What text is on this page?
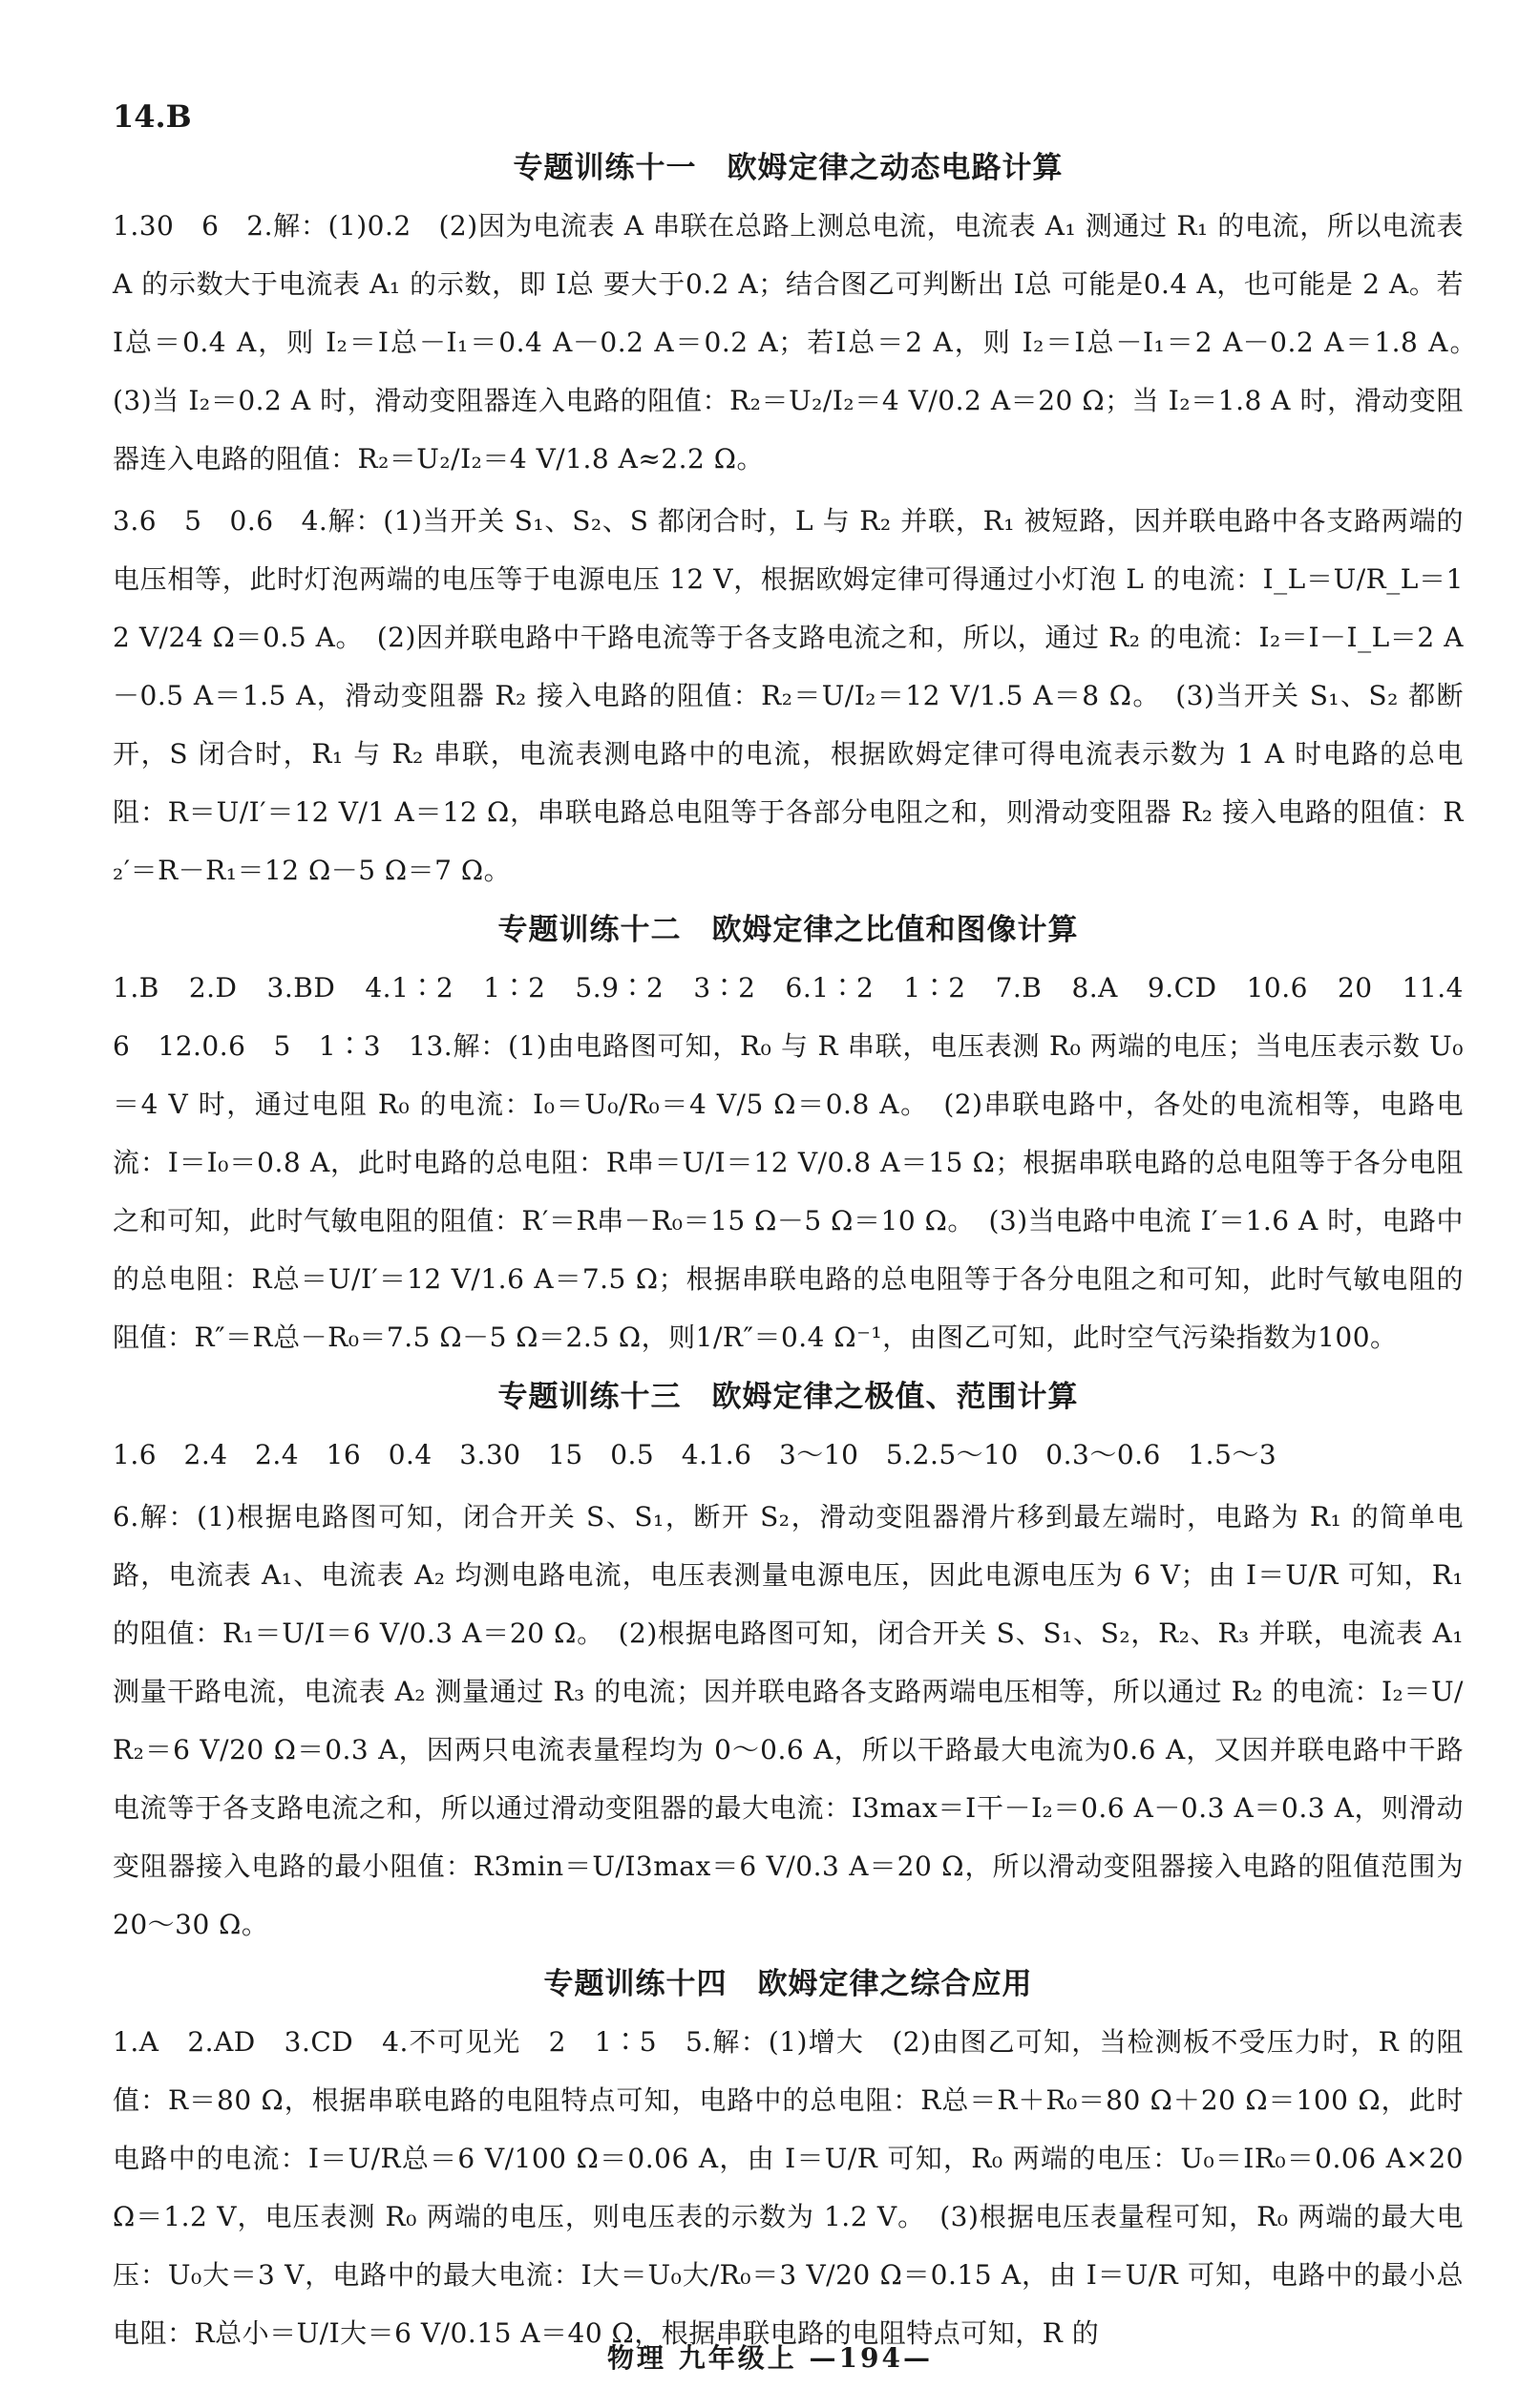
14.B
专题训练十一　欧姆定律之动态电路计算

1.30　6　2.解：(1)0.2　(2)因为电流表 A 串联在总路上测总电流，电流表 A₁ 测通过 R₁ 的电流，所以电流表 A 的示数大于电流表 A₁ 的示数，即 I总 要大于0.2 A；结合图乙可判断出 I总 可能是0.4 A，也可能是 2 A。若I总＝0.4 A，则 I₂＝I总－I₁＝0.4 A－0.2 A＝0.2 A；若I总＝2 A，则 I₂＝I总－I₁＝2 A－0.2 A＝1.8 A。　(3)当 I₂＝0.2 A 时，滑动变阻器连入电路的阻值：R₂＝U₂/I₂＝4 V/0.2 A＝20 Ω；当 I₂＝1.8 A 时，滑动变阻器连入电路的阻值：R₂＝U₂/I₂＝4 V/1.8 A≈2.2 Ω。

3.6　5　0.6　4.解：(1)当开关 S₁、S₂、S 都闭合时，L 与 R₂ 并联，R₁ 被短路，因并联电路中各支路两端的电压相等，此时灯泡两端的电压等于电源电压 12 V，根据欧姆定律可得通过小灯泡 L 的电流：I_L＝U/R_L＝12 V/24 Ω＝0.5 A。　(2)因并联电路中干路电流等于各支路电流之和，所以，通过 R₂ 的电流：I₂＝I－I_L＝2 A－0.5 A＝1.5 A，滑动变阻器 R₂ 接入电路的阻值：R₂＝U/I₂＝12 V/1.5 A＝8 Ω。　(3)当开关 S₁、S₂ 都断开，S 闭合时，R₁ 与 R₂ 串联，电流表测电路中的电流，根据欧姆定律可得电流表示数为 1 A 时电路的总电阻：R＝U/I′＝12 V/1 A＝12 Ω，串联电路总电阻等于各部分电阻之和，则滑动变阻器 R₂ 接入电路的阻值：R₂′＝R－R₁＝12 Ω－5 Ω＝7 Ω。

专题训练十二　欧姆定律之比值和图像计算

1.B　2.D　3.BD　4.1∶2　1∶2　5.9∶2　3∶2　6.1∶2　1∶2　7.B　8.A　9.CD　10.6　20　11.4　6　12.0.6　5　1∶3　13.解：(1)由电路图可知，R₀ 与 R 串联，电压表测 R₀ 两端的电压；当电压表示数 U₀＝4 V 时，通过电阻 R₀ 的电流：I₀＝U₀/R₀＝4 V/5 Ω＝0.8 A。　(2)串联电路中，各处的电流相等，电路电流：I＝I₀＝0.8 A，此时电路的总电阻：R串＝U/I＝12 V/0.8 A＝15 Ω；根据串联电路的总电阻等于各分电阻之和可知，此时气敏电阻的阻值：R′＝R串－R₀＝15 Ω－5 Ω＝10 Ω。　(3)当电路中电流 I′＝1.6 A 时，电路中的总电阻：R总＝U/I′＝12 V/1.6 A＝7.5 Ω；根据串联电路的总电阻等于各分电阻之和可知，此时气敏电阻的阻值：R″＝R总－R₀＝7.5 Ω－5 Ω＝2.5 Ω，则1/R″＝0.4 Ω⁻¹，由图乙可知，此时空气污染指数为100。

专题训练十三　欧姆定律之极值、范围计算

1.6　2.4　2.4　16　0.4　3.30　15　0.5　4.1.6　3～10　5.2.5～10　0.3～0.6　1.5～3

6.解：(1)根据电路图可知，闭合开关 S、S₁，断开 S₂，滑动变阻器滑片移到最左端时，电路为 R₁ 的简单电路，电流表 A₁、电流表 A₂ 均测电路电流，电压表测量电源电压，因此电源电压为 6 V；由 I＝U/R 可知，R₁ 的阻值：R₁＝U/I＝6 V/0.3 A＝20 Ω。　(2)根据电路图可知，闭合开关 S、S₁、S₂，R₂、R₃ 并联，电流表 A₁ 测量干路电流，电流表 A₂ 测量通过 R₃ 的电流；因并联电路各支路两端电压相等，所以通过 R₂ 的电流：I₂＝U/R₂＝6 V/20 Ω＝0.3 A，因两只电流表量程均为 0～0.6 A，所以干路最大电流为0.6 A，又因并联电路中干路电流等于各支路电流之和，所以通过滑动变阻器的最大电流：I3max＝I干－I₂＝0.6 A－0.3 A＝0.3 A，则滑动变阻器接入电路的最小阻值：R3min＝U/I3max＝6 V/0.3 A＝20 Ω，所以滑动变阻器接入电路的阻值范围为 20～30 Ω。

专题训练十四　欧姆定律之综合应用

1.A　2.AD　3.CD　4.不可见光　2　1∶5　5.解：(1)增大　(2)由图乙可知，当检测板不受压力时，R 的阻值：R＝80 Ω，根据串联电路的电阻特点可知，电路中的总电阻：R总＝R＋R₀＝80 Ω＋20 Ω＝100 Ω，此时电路中的电流：I＝U/R总＝6 V/100 Ω＝0.06 A，由 I＝U/R 可知，R₀ 两端的电压：U₀＝IR₀＝0.06 A×20 Ω＝1.2 V，电压表测 R₀ 两端的电压，则电压表的示数为 1.2 V。　(3)根据电压表量程可知，R₀ 两端的最大电压：U₀大＝3 V，电路中的最大电流：I大＝U₀大/R₀＝3 V/20 Ω＝0.15 A，由 I＝U/R 可知，电路中的最小总电阻：R总小＝U/I大＝6 V/0.15 A＝40 Ω，根据串联电路的电阻特点可知，R 的

物理 九年级上 —194—
